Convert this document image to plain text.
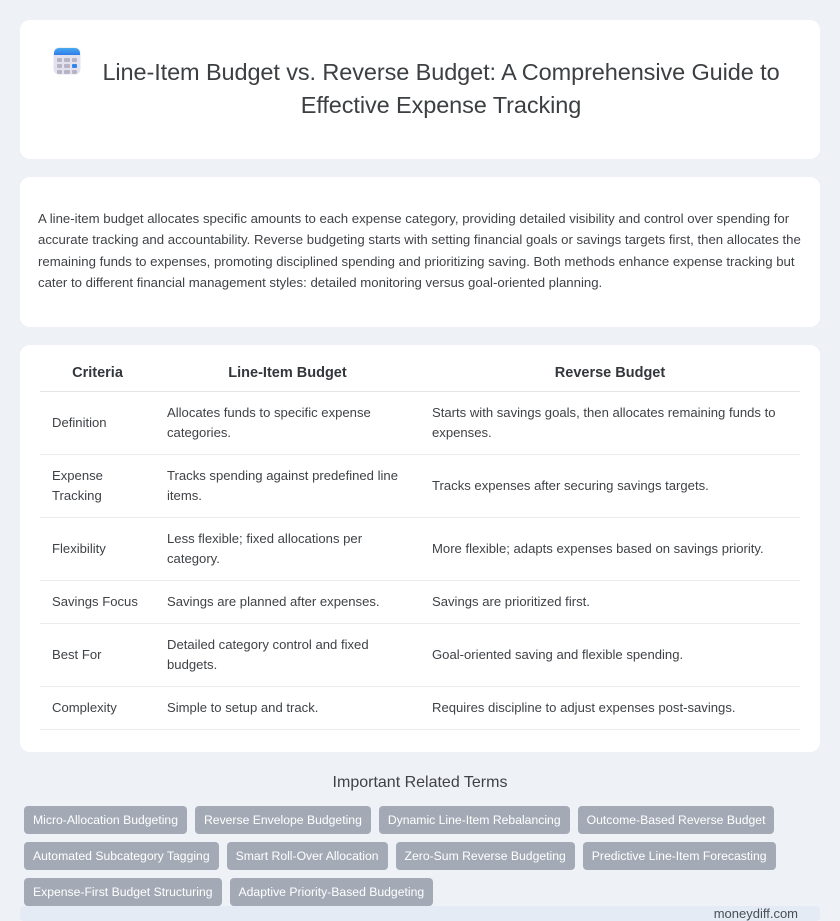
Line-Item Budget vs. Reverse Budget: A Comprehensive Guide to Effective Expense Tracking

A line-item budget allocates specific amounts to each expense category, providing detailed visibility and control over spending for accurate tracking and accountability. Reverse budgeting starts with setting financial goals or savings targets first, then allocates the remaining funds to expenses, promoting disciplined spending and prioritizing saving. Both methods enhance expense tracking but cater to different financial management styles: detailed monitoring versus goal-oriented planning.

Criteria	Line-Item Budget	Reverse Budget
Definition	Allocates funds to specific expense categories.	Starts with savings goals, then allocates remaining funds to expenses.
Expense Tracking	Tracks spending against predefined line items.	Tracks expenses after securing savings targets.
Flexibility	Less flexible; fixed allocations per category.	More flexible; adapts expenses based on savings priority.
Savings Focus	Savings are planned after expenses.	Savings are prioritized first.
Best For	Detailed category control and fixed budgets.	Goal-oriented saving and flexible spending.
Complexity	Simple to setup and track.	Requires discipline to adjust expenses post-savings.
Important Related Terms
Micro-Allocation Budgeting	Reverse Envelope Budgeting	Dynamic Line-Item Rebalancing	Outcome-Based Reverse Budget
Automated Subcategory Tagging	Smart Roll-Over Allocation	Zero-Sum Reverse Budgeting	Predictive Line-Item Forecasting
Expense-First Budget Structuring	Adaptive Priority-Based Budgeting
moneydiff.com
